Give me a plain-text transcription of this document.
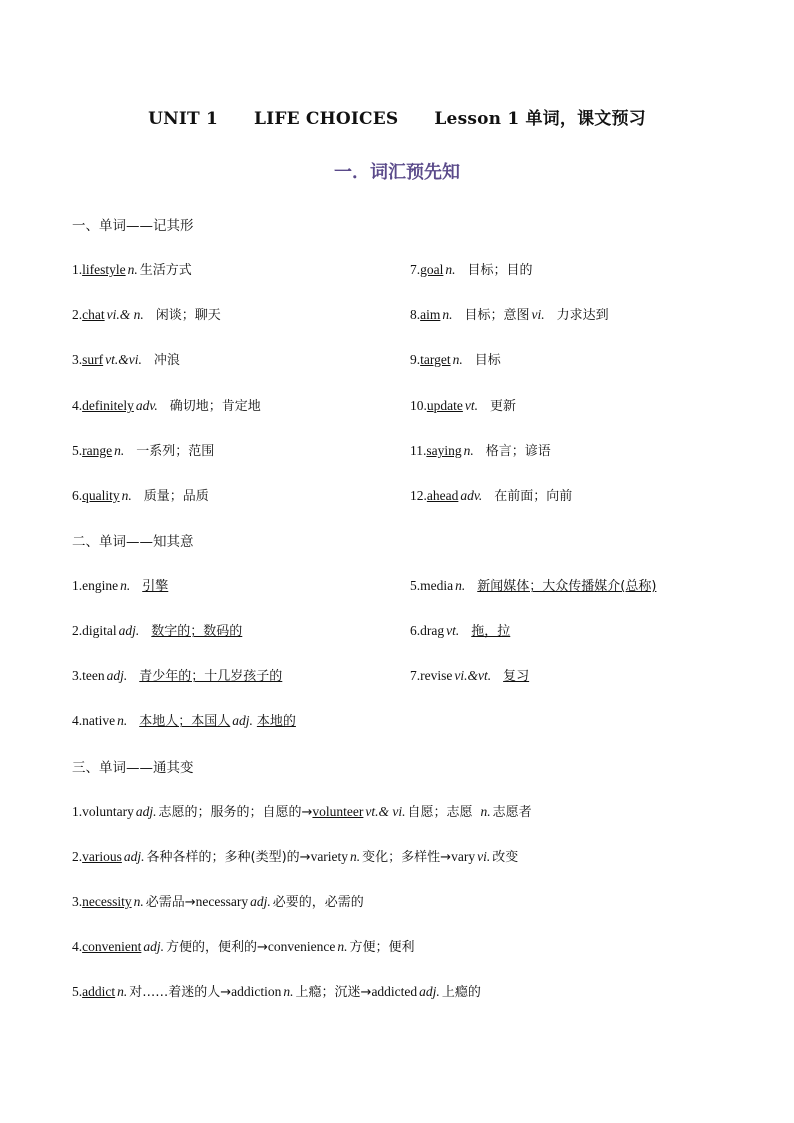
UNIT 1 LIFE CHOICES Lesson 1 单词，课文预习
一．词汇预先知
一、单词——记其形
1.lifestyle n. 生活方式
2.chat vi.& n. 闲谈；聊天
3.surf vt.&vi. 冲浪
4.definitely adv. 确切地；肯定地
5.range n. 一系列；范围
6.quality n. 质量；品质
7.goal n. 目标；目的
8.aim n. 目标；意图 vi. 力求达到
9.target n. 目标
10.update vt. 更新
11.saying n. 格言；谚语
12.ahead adv. 在前面；向前
二、单词——知其意
1.engine n. 引擎
2.digital adj. 数字的；数码的
3.teen adj. 青少年的；十几岁孩子的
4.native n. 本地人；本国人 adj. 本地的
5.media n. 新闻媒体；大众传播媒介(总称)
6.drag vt. 拖，拉
7.revise vi.&vt. 复习
三、单词——通其变
1.voluntary adj. 志愿的；服务的；自愿的→volunteer vt.& vi. 自愿；志愿 n. 志愿者
2.various adj. 各种各样的；多种(类型)的→variety n. 变化；多样性→vary vi. 改变
3.necessity n. 必需品→necessary adj. 必要的，必需的
4.convenient adj. 方便的，便利的→convenience n. 方便；便利
5.addict n. 对……着迷的人→addiction n. 上瘾；沉迷→addicted adj. 上瘾的
